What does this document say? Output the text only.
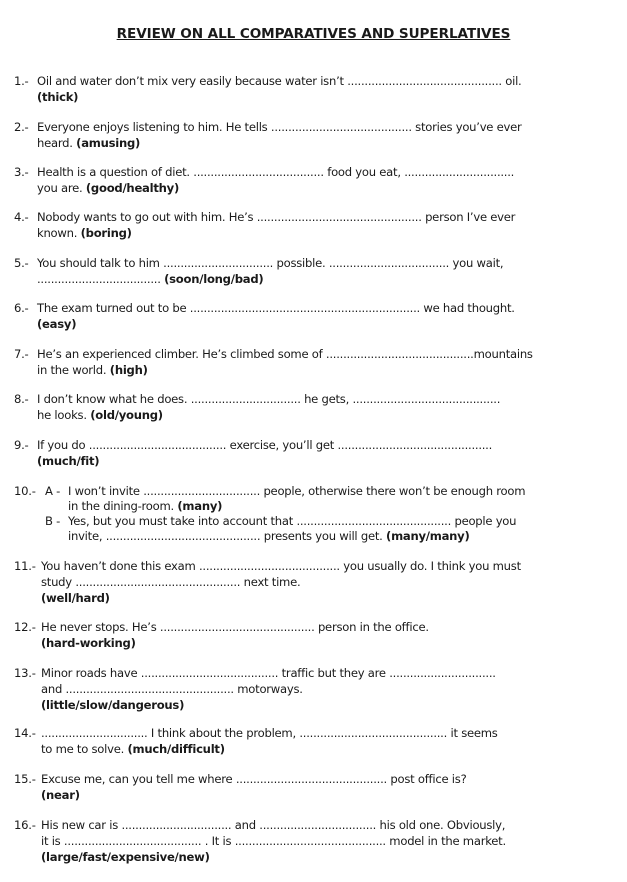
REVIEW ON ALL COMPARATIVES AND SUPERLATIVES
1.- Oil and water don’t mix very easily because water isn’t ............................................. oil.
(thick)
2.- Everyone enjoys listening to him. He tells ......................................... stories you’ve ever
heard. (amusing)
3.- Health is a question of diet. ...................................... food you eat, ................................
you are. (good/healthy)
4.- Nobody wants to go out with him. He’s ................................................ person I’ve ever
known. (boring)
5.- You should talk to him ................................ possible. ................................... you wait,
.................................... (soon/long/bad)
6.- The exam turned out to be ................................................................... we had thought.
(easy)
7.- He’s an experienced climber. He’s climbed some of ...........................................mountains
in the world. (high)
8.- I don’t know what he does. ................................ he gets, ...........................................
he looks. (old/young)
9.- If you do ........................................ exercise, you’ll get .............................................
(much/fit)
10.- A - I won’t invite .................................. people, otherwise there won’t be enough room
in the dining-room. (many)
B - Yes, but you must take into account that ............................................. people you
invite, ............................................. presents you will get. (many/many)
11.- You haven’t done this exam ......................................... you usually do. I think you must
study ................................................ next time.
(well/hard)
12.- He never stops. He’s ............................................. person in the office.
(hard-working)
13.- Minor roads have ........................................ traffic but they are ...............................
and ................................................. motorways.
(little/slow/dangerous)
14.- ............................... I think about the problem, ........................................... it seems
to me to solve. (much/difficult)
15.- Excuse me, can you tell me where ............................................ post office is?
(near)
16.- His new car is ................................ and .................................. his old one. Obviously,
it is ........................................ . It is ............................................ model in the market.
(large/fast/expensive/new)
